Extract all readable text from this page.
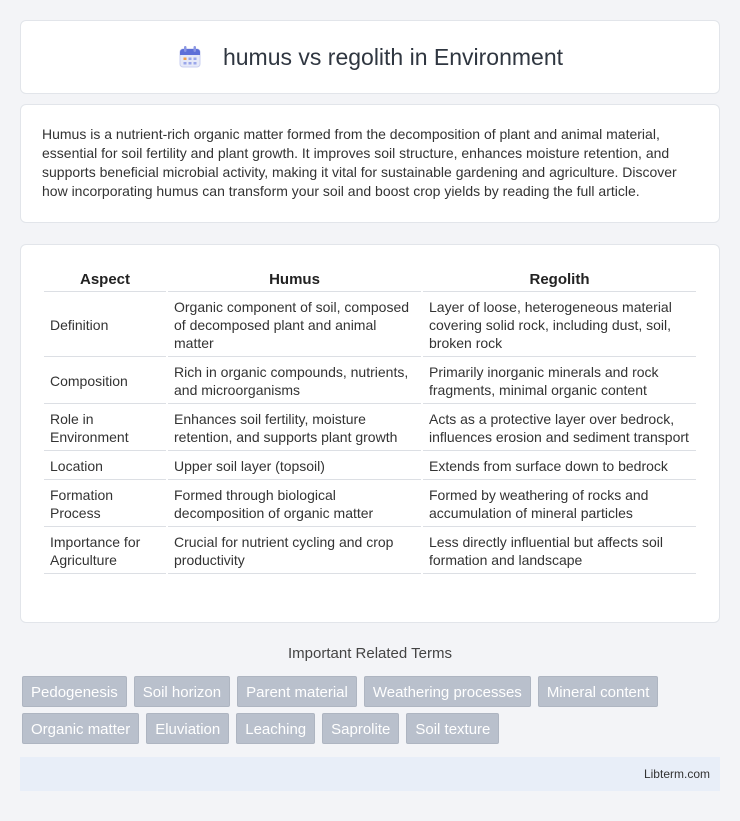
humus vs regolith in Environment

Humus is a nutrient-rich organic matter formed from the decomposition of plant and animal material, essential for soil fertility and plant growth. It improves soil structure, enhances moisture retention, and supports beneficial microbial activity, making it vital for sustainable gardening and agriculture. Discover how incorporating humus can transform your soil and boost crop yields by reading the full article.

Aspect	Humus	Regolith
Definition	Organic component of soil, composed of decomposed plant and animal matter	Layer of loose, heterogeneous material covering solid rock, including dust, soil, broken rock
Composition	Rich in organic compounds, nutrients, and microorganisms	Primarily inorganic minerals and rock fragments, minimal organic content
Role in Environment	Enhances soil fertility, moisture retention, and supports plant growth	Acts as a protective layer over bedrock, influences erosion and sediment transport
Location	Upper soil layer (topsoil)	Extends from surface down to bedrock
Formation Process	Formed through biological decomposition of organic matter	Formed by weathering of rocks and accumulation of mineral particles
Importance for Agriculture	Crucial for nutrient cycling and crop productivity	Less directly influential but affects soil formation and landscape
Important Related Terms
Pedogenesis	Soil horizon	Parent material	Weathering processes	Mineral content
Organic matter	Eluviation	Leaching	Saprolite	Soil texture
Libterm.com
